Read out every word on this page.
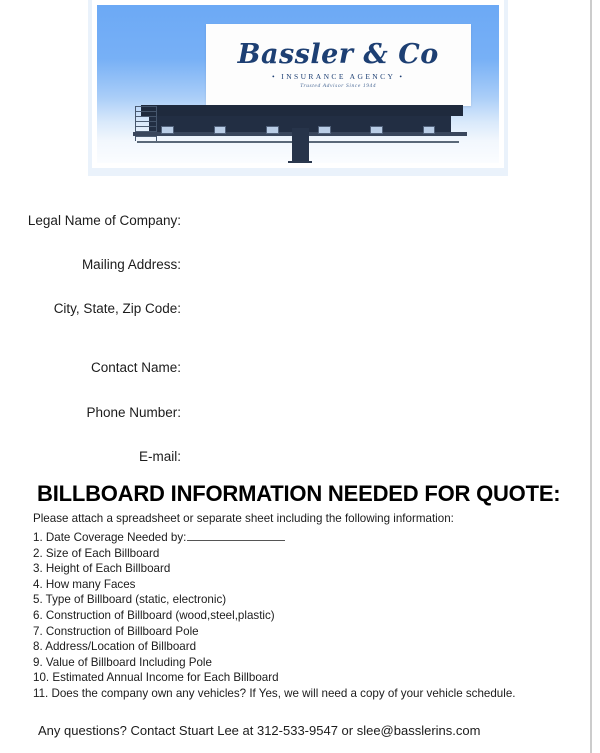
Bassler & Co
• INSURANCE AGENCY •
Trusted Advisor Since 1944
Legal Name of Company:
Mailing Address:
City, State, Zip Code:
Contact Name:
Phone Number:
E-mail:
BILLBOARD INFORMATION NEEDED FOR QUOTE:
Please attach a spreadsheet or separate sheet including the following information:
1. Date Coverage Needed by:
2. Size of Each Billboard
3. Height of Each Billboard
4. How many Faces
5. Type of Billboard (static, electronic)
6. Construction of Billboard (wood,steel,plastic)
7. Construction of Billboard Pole
8. Address/Location of Billboard
9. Value of Billboard Including Pole
10. Estimated Annual Income for Each Billboard
11. Does the company own any vehicles? If Yes, we will need a copy of your vehicle schedule.
Any questions? Contact Stuart Lee at 312-533-9547 or slee@basslerins.com
